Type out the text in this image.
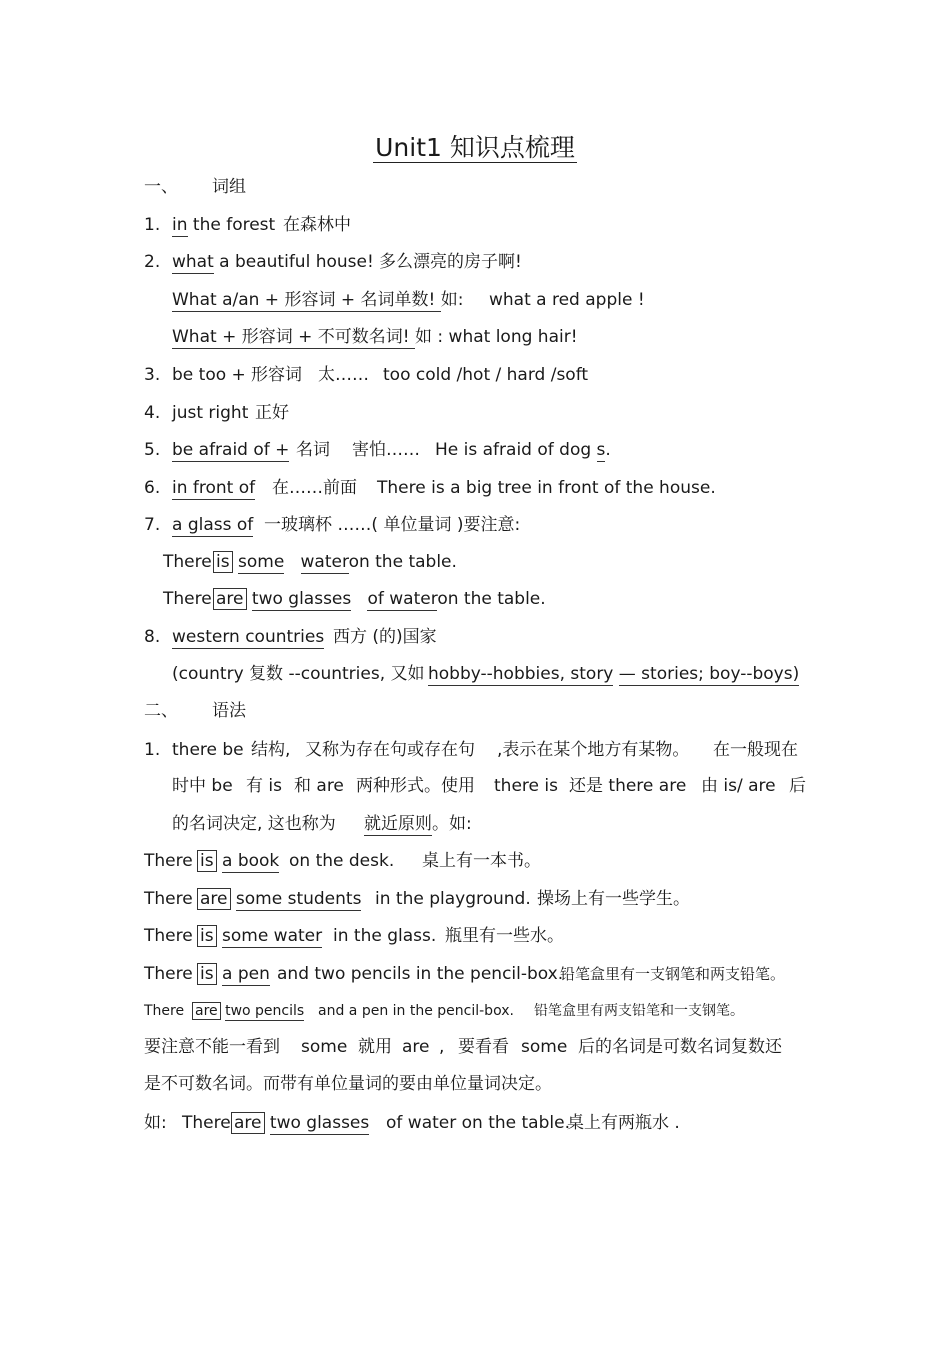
Unit1 知识点梳理
一、 词组
1. in the forest 在森林中
2. what a beautiful house! 多么漂亮的房子啊!
What a/an + 形容词 + 名词单数! 如: what a red apple !
What + 形容词 + 不可数名词! 如 : what long hair!
3. be too + 形容词 太…… too cold /hot / hard /soft
4. just right 正好
5. be afraid of + 名词 害怕…… He is afraid of dog s.
6. in front of 在……前面 There is a big tree in front of the house.
7. a glass of 一玻璃杯 ……( 单位量词 )要注意:
There is some wateron the table.
There are two glasses of wateron the table.
8. western countries 西方 (的)国家
(country 复数 --countries, 又如 hobby--hobbies, story — stories; boy--boys)
二、 语法
1. there be 结构, 又称为存在句或存在句 ,表示在某个地方有某物。 在一般现在
时中 be 有 is 和 are 两种形式。使用 there is 还是 there are 由 is/ are 后
的名词决定, 这也称为 就近原则。如:
There is a book on the desk. 桌上有一本书。
There are some students in the playground. 操场上有一些学生。
There is some water in the glass. 瓶里有一些水。
There is a pen and two pencils in the pencil-box.
铅笔盒里有一支钢笔和两支铅笔。
There are two pencils and a pen in the pencil-box. 铅笔盒里有两支铅笔和一支钢笔。
要注意不能一看到 some 就用 are , 要看看 some 后的名词是可数名词复数还
是不可数名词。而带有单位量词的要由单位量词决定。
如: There are two glasses of water on the table.
桌上有两瓶水 .
